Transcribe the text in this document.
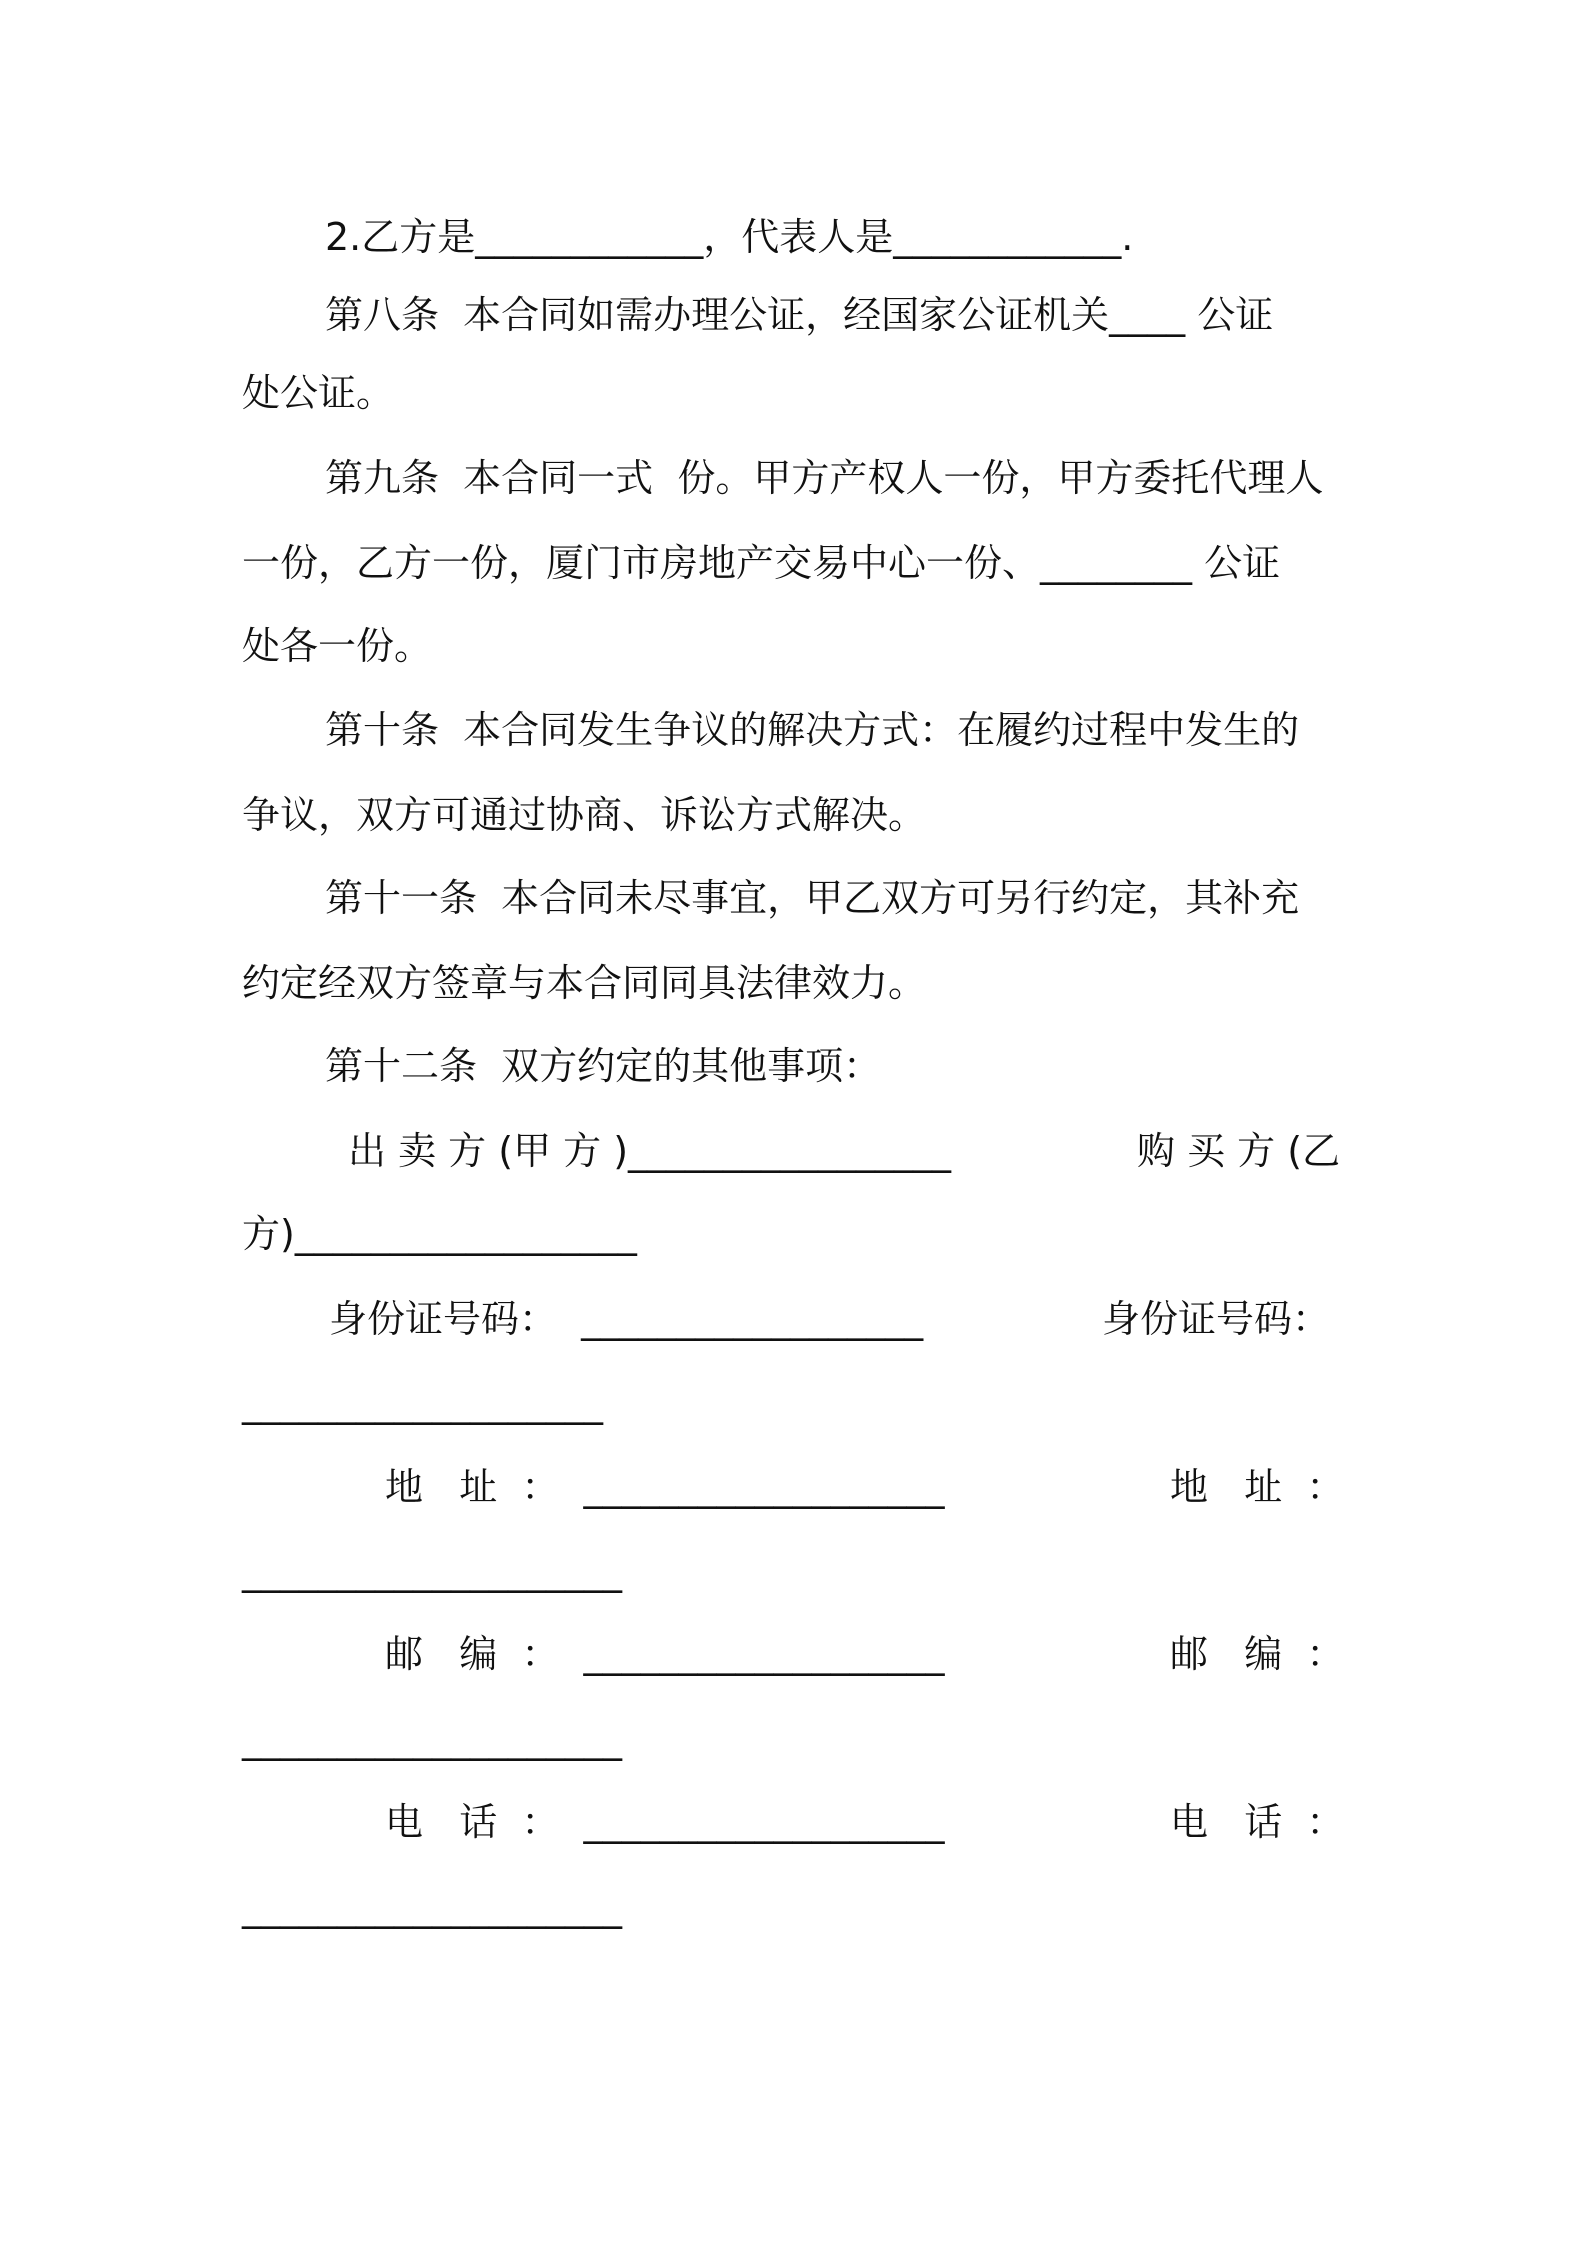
2.乙方是____________，代表人是____________.
第八条  本合同如需办理公证，经国家公证机关____ 公证
处公证。
第九条  本合同一式  份。甲方产权人一份，甲方委托代理人
一份，乙方一份，厦门市房地产交易中心一份、________ 公证
处各一份。
第十条  本合同发生争议的解决方式：在履约过程中发生的
争议，双方可通过协商、诉讼方式解决。
第十一条  本合同未尽事宜，甲乙双方可另行约定，其补充
约定经双方签章与本合同同具法律效力。
第十二条  双方约定的其他事项：
出 卖 方 (甲 方 )_________________	购 买 方 (乙
方)__________________
身份证号码：  __________________	身份证号码：
___________________
地   址  ：  ___________________	地   址  ：
____________________
邮   编  ：  ___________________	邮   编  ：
____________________
电   话  ：  ___________________	电   话  ：
____________________
